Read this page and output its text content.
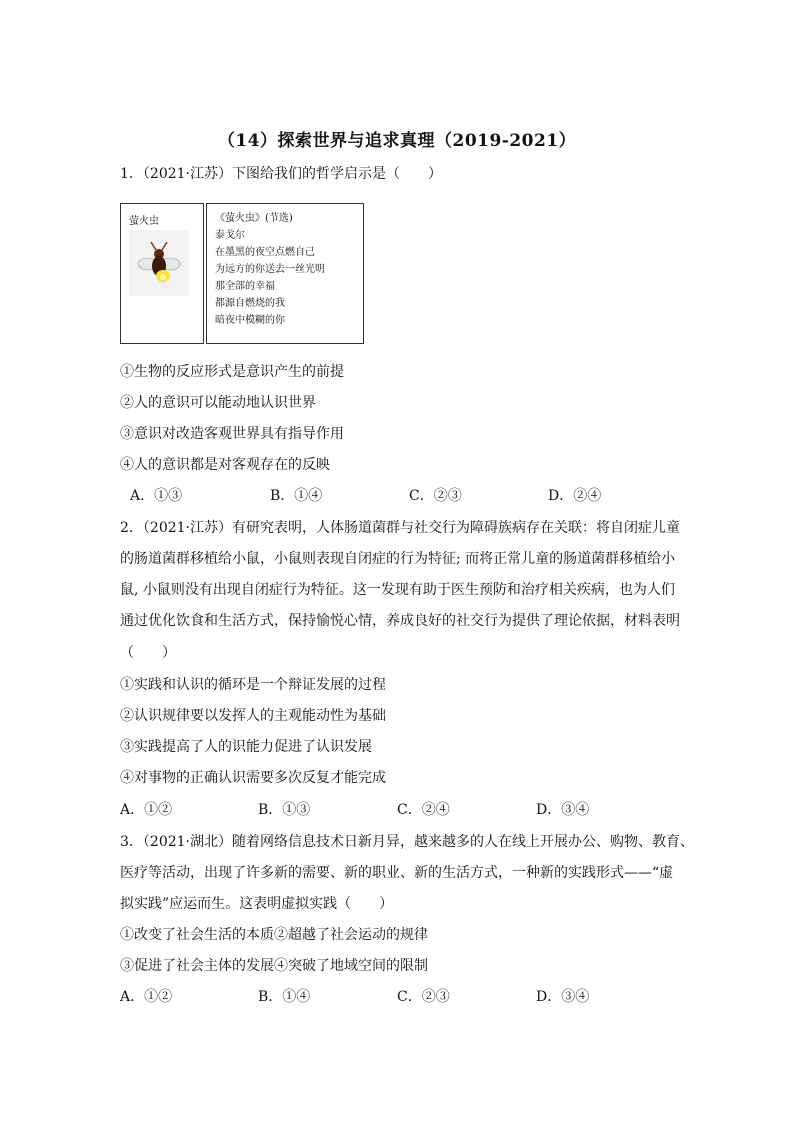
（14）探索世界与追求真理（2019-2021）
1．（2021·江苏）下图给我们的哲学启示是（　　）
萤火虫	《萤火虫》(节选)
泰戈尔
在墨黑的夜空点燃自己
为远方的你送去一丝光明
那全部的幸福
都源自燃烧的我
暗夜中模糊的你
①生物的反应形式是意识产生的前提
②人的意识可以能动地认识世界
③意识对改造客观世界具有指导作用
④人的意识都是对客观存在的反映
A．①③	B．①④	C．②③	D．②④
2．（2021·江苏）有研究表明，人体肠道菌群与社交行为障碍族病存在关联：将自闭症儿童
的肠道菌群移植给小鼠，小鼠则表现自闭症的行为特征; 而将正常儿童的肠道菌群移植给小
鼠, 小鼠则没有出现自闭症行为特征。这一发现有助于医生预防和治疗相关疾病，也为人们
通过优化饮食和生活方式，保持愉悦心情，养成良好的社交行为提供了理论依据，材料表明
（　　）
①实践和认识的循环是一个辩证发展的过程
②认识规律要以发挥人的主观能动性为基础
③实践提高了人的识能力促进了认识发展
④对事物的正确认识需要多次反复才能完成
A．①②	B．①③	C．②④	D．③④
3．（2021·湖北）随着网络信息技术日新月异，越来越多的人在线上开展办公、购物、教育、
医疗等活动，出现了许多新的需要、新的职业、新的生活方式，一种新的实践形式——“虚
拟实践”应运而生。这表明虚拟实践（　　）
①改变了社会生活的本质②超越了社会运动的规律
③促进了社会主体的发展④突破了地域空间的限制
A．①②	B．①④	C．②③	D．③④
